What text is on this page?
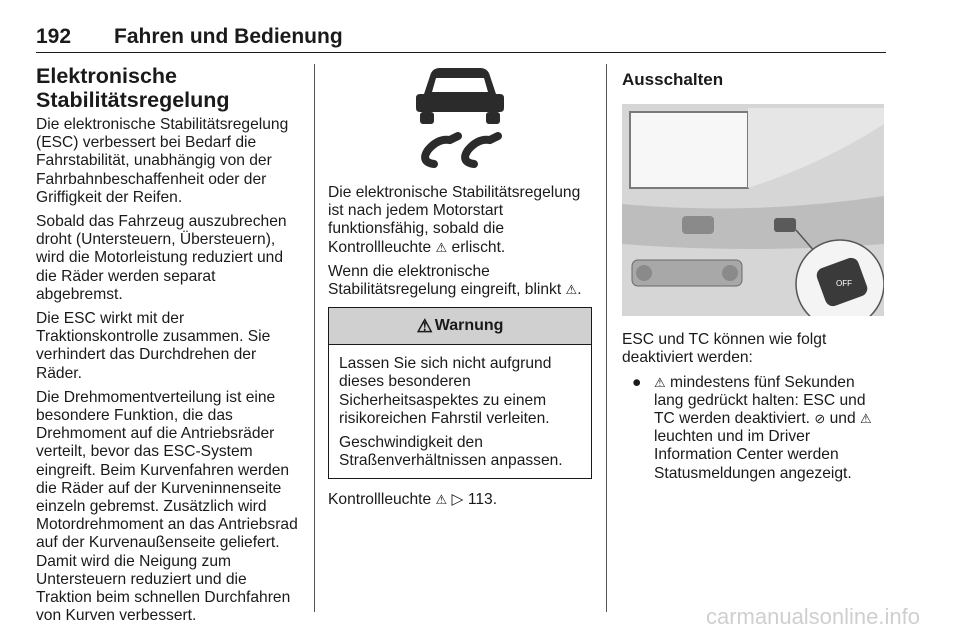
192 Fahren und Bedienung
Elektronische Stabilitätsregelung

Die elektronische Stabilitätsregelung (ESC) verbessert bei Bedarf die Fahrstabilität, unabhängig von der Fahrbahnbeschaffenheit oder der Griffigkeit der Reifen.

Sobald das Fahrzeug auszubrechen droht (Untersteuern, Übersteuern), wird die Motorleistung reduziert und die Räder werden separat abgebremst.

Die ESC wirkt mit der Traktionskontrolle zusammen. Sie verhindert das Durchdrehen der Räder.

Die Drehmomentverteilung ist eine besondere Funktion, die das Drehmoment auf die Antriebsräder verteilt, bevor das ESC-System eingreift. Beim Kurvenfahren werden die Räder auf der Kurveninnenseite einzeln gebremst. Zusätzlich wird Motordrehmoment an das Antriebsrad auf der Kurvenaußenseite geliefert. Damit wird die Neigung zum Untersteuern reduziert und die Traktion beim schnellen Durchfahren von Kurven verbessert.

Die elektronische Stabilitätsregelung ist nach jedem Motorstart funktionsfähig, sobald die Kontrollleuchte ⚠︎ erlischt.

Wenn die elektronische Stabilitätsregelung eingreift, blinkt ⚠︎.

⚠ Warnung

Lassen Sie sich nicht aufgrund dieses besonderen Sicherheitsaspektes zu einem risikoreichen Fahrstil verleiten.

Geschwindigkeit den Straßenverhältnissen anpassen.

Kontrollleuchte ⚠︎ ▷ 113.

Ausschalten
OFF

ESC und TC können wie folgt deaktiviert werden:

● ⚠︎ mindestens fünf Sekunden lang gedrückt halten: ESC und TC werden deaktiviert. ⊘ und ⚠︎ leuchten und im Driver Information Center werden Statusmeldungen angezeigt.
carmanualsonline.info
